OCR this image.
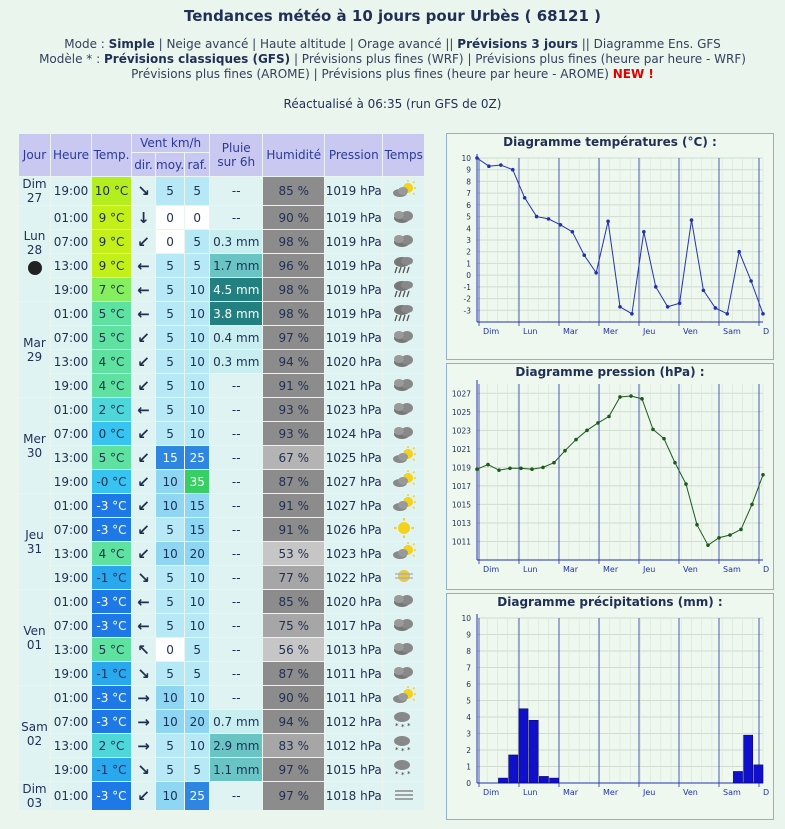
Tendances météo à 10 jours pour Urbès ( 68121 )
Mode : Simple | Neige avancé | Haute altitude | Orage avancé || Prévisions 3 jours || Diagramme Ens. GFS
Modèle * : Prévisions classiques (GFS) | Prévisions plus fines (WRF) | Prévisions plus fines (heure par heure - WRF)
Prévisions plus fines (AROME) | Prévisions plus fines (heure par heure - AROME) NEW !
Réactualisé à 06:35 (run GFS de 0Z)
Jour	Heure	Temp.	Vent km/h			Pluie
sur 6h	Humidité	Pression	Temps
			dir.	moy.	raf.				
Dim
27	19:00	10 °C	↘	5	5	--	85 %	1019 hPa	
Lun
28	01:00	9 °C	↓	0	0	--	90 %	1019 hPa	
	07:00	9 °C	↙	0	5	0.3 mm	98 %	1019 hPa	
	13:00	9 °C	←	5	5	1.7 mm	96 %	1019 hPa	
	19:00	7 °C	←	5	10	4.5 mm	98 %	1019 hPa	
Mar
29	01:00	5 °C	←	5	10	3.8 mm	98 %	1019 hPa	
	07:00	5 °C	↙	5	10	0.4 mm	97 %	1019 hPa	
	13:00	4 °C	↙	5	10	0.3 mm	94 %	1020 hPa	
	19:00	4 °C	↙	5	10	--	91 %	1021 hPa	
Mer
30	01:00	2 °C	←	5	10	--	93 %	1023 hPa	
	07:00	0 °C	↙	5	10	--	93 %	1024 hPa	
	13:00	5 °C	↙	15	25	--	67 %	1025 hPa	
	19:00	-0 °C	↙	10	35	--	87 %	1027 hPa	
Jeu
31	01:00	-3 °C	↙	10	15	--	91 %	1027 hPa	
	07:00	-3 °C	↙	5	15	--	91 %	1026 hPa	
	13:00	4 °C	↙	10	20	--	53 %	1023 hPa	
	19:00	-1 °C	↘	5	10	--	77 %	1022 hPa	
Ven
01	01:00	-3 °C	←	5	10	--	85 %	1020 hPa	
	07:00	-3 °C	←	5	10	--	75 %	1017 hPa	
	13:00	5 °C	↖	0	5	--	56 %	1013 hPa	
	19:00	-1 °C	↘	5	5	--	87 %	1011 hPa	
Sam
02	01:00	-3 °C	→	10	10	--	90 %	1011 hPa	
	07:00	-3 °C	→	10	20	0.7 mm	94 %	1012 hPa	* * *

	13:00	2 °C	→	5	10	2.9 mm	83 %	1012 hPa	* * *

	19:00	-1 °C	↘	5	5	1.1 mm	97 %	1015 hPa	* * *

Dim
03	01:00	-3 °C	↙	10	25	--	97 %	1018 hPa	
Diagramme températures (°C) :
10
9
8
7
6
5
4
3
2
1
0
-1
-2
-3
Dim	Lun	Mar	Mer	Jeu	Ven	Sam	D
Diagramme pression (hPa) :
1027
1025
1023
1021
1019
1017
1015
1013
1011
Dim	Lun	Mar	Mer	Jeu	Ven	Sam	D
Diagramme précipitations (mm) :
10
9
8
7
6
5
4
3
2
1
0
Dim	Lun	Mar	Mer	Jeu	Ven	Sam	D
